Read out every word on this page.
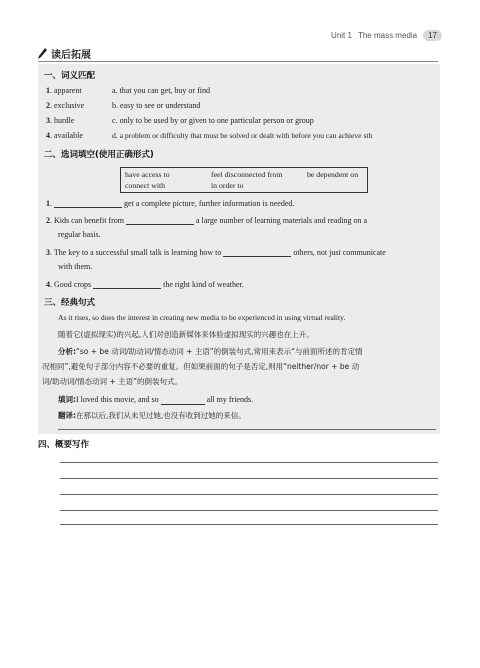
Unit 1 The mass media	17
读后拓展
一、词义匹配
1. apparent	a. that you can get, buy or find
2. exclusive	b. easy to see or understand
3. hurdle	c. only to be used by or given to one particular person or group
4. available	d. a problem or difficulty that must be solved or dealt with before you can achieve sth
二、选词填空(使用正确形式)
have access to	feel disconnected from	be dependent on
connect with	in order to
1.	get a complete picture, further information is needed.
2. Kids can benefit from	a large number of learning materials and reading on a
regular basis.
3. The key to a successful small talk is learning how to	others, not just communicate
with them.
4. Good crops	the right kind of weather.
三、经典句式
As it rises, so does the interest in creating new media to be experienced in using virtual reality.
随着它(虚拟现实)的兴起,人们对创造新媒体来体验虚拟现实的兴趣也在上升。
分析:“so + be 动词/助动词/情态动词 + 主语”的倒装句式,常用来表示“与前面所述的肯定情
况相同”,避免句子部分内容不必要的重复。但如果前面的句子是否定,则用“neither/nor + be 动
词/助动词/情态动词 + 主语”的倒装句式。
填词:I loved this movie, and so	all my friends.
翻译:在那以后,我们从未见过她,也没有收到过她的来信。
四、概要写作
